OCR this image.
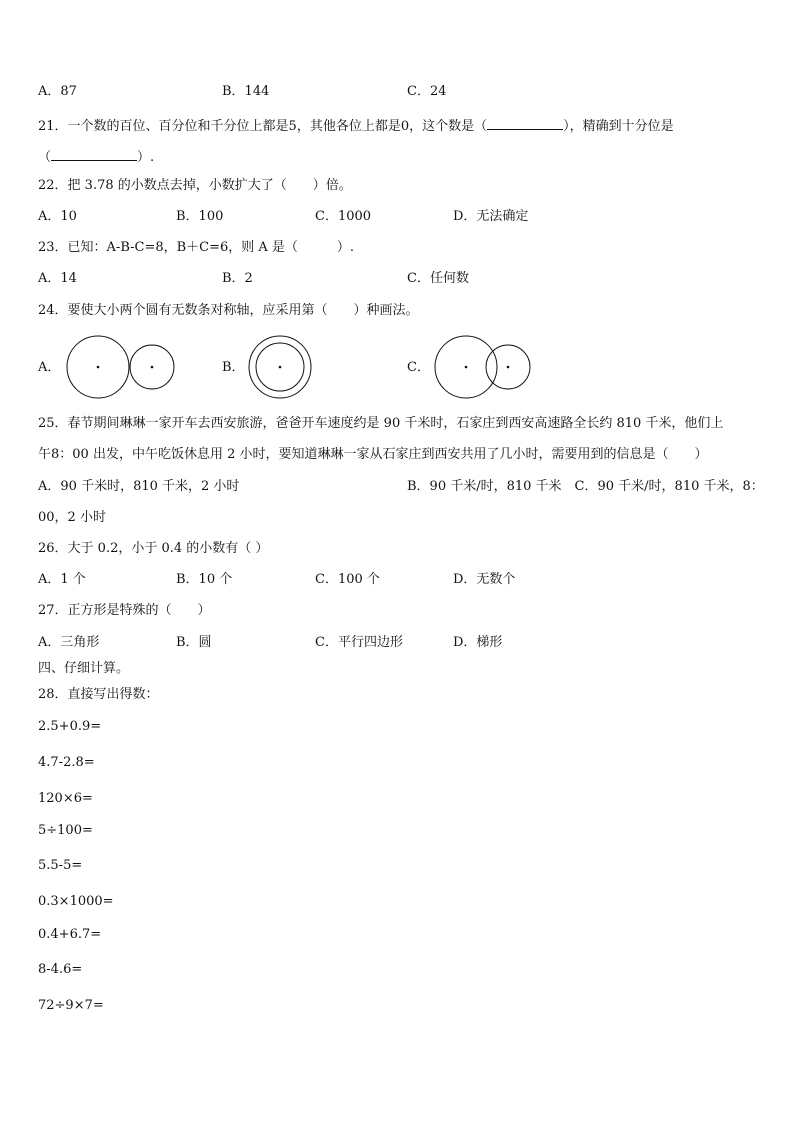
A．87	B．144	C．24
21．一个数的百位、百分位和千分位上都是5，其他各位上都是0，这个数是（	），精确到十分位是
（	）.
22．把 3.78 的小数点去掉，小数扩大了（　　）倍。
A．10	B．100	C．1000	D．无法确定
23．已知：A-B-C=8，B＋C=6，则 A 是（　　　）.
A．14	B．2	C．任何数
24．要使大小两个圆有无数条对称轴，应采用第（　　）种画法。
A．	B．	C．
25．春节期间琳琳一家开车去西安旅游，爸爸开车速度约是 90 千米时，石家庄到西安高速路全长约 810 千米，他们上
午8：00 出发，中午吃饭休息用 2 小时，要知道琳琳一家从石家庄到西安共用了几小时，需要用到的信息是（　　）
A．90 千米时，810 千米，2 小时	B．90 千米/时，810 千米　C．90 千米/时，810 千米，8：
00，2 小时
26．大于 0.2，小于 0.4 的小数有（ ）
A．1 个	B．10 个	C．100 个	D．无数个
27．正方形是特殊的（　　）
A．三角形	B．圆	C．平行四边形	D．梯形
四、仔细计算。
28．直接写出得数：
2.5+0.9=
4.7-2.8=
120×6=
5÷100=
5.5-5=
0.3×1000=
0.4+6.7=
8-4.6=
72÷9×7=
